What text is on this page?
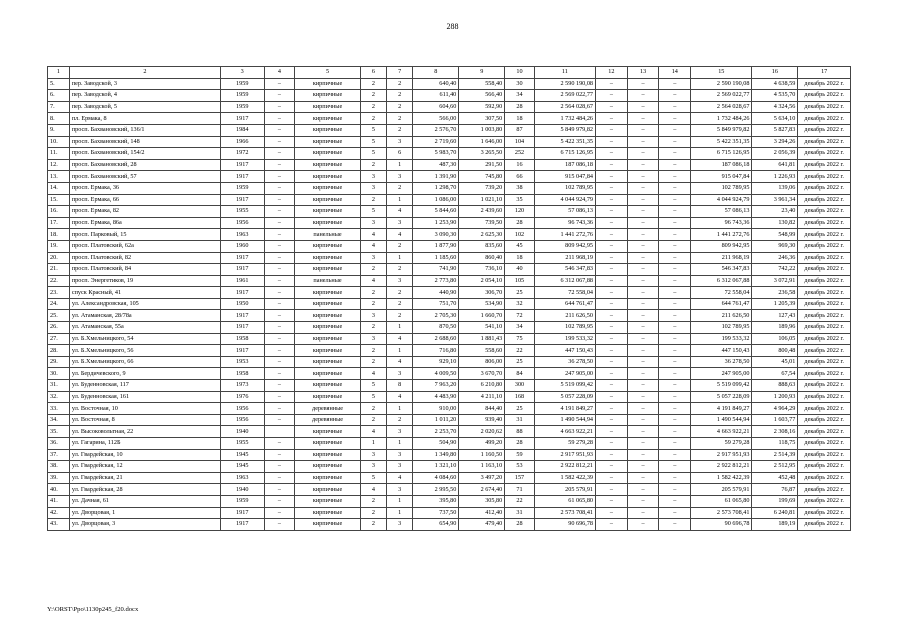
288
1	2	3	4	5	6	7	8	9	10	11	12	13	14	15	16	17
5.	пер. Заводской, 3	1959	–	кирпичные	2	2	640,40	558,40	30	2 590 190,08	–	–	–	2 590 190,08	4 638,59	декабрь 2022 г.
6.	пер. Заводской, 4	1959	–	кирпичные	2	2	611,40	566,40	34	2 569 022,77	–	–	–	2 569 022,77	4 535,70	декабрь 2022 г.
7.	пер. Заводской, 5	1959	–	кирпичные	2	2	604,60	592,90	28	2 564 028,67	–	–	–	2 564 028,67	4 324,56	декабрь 2022 г.
8.	пл. Ермака, 8	1917	–	кирпичные	2	2	566,00	307,50	18	1 732 484,26	–	–	–	1 732 484,26	5 634,10	декабрь 2022 г.
9.	просп. Бахвановский, 136/1	1984	–	кирпичные	5	2	2 576,70	1 003,80	87	5 849 979,82	–	–	–	5 849 979,82	5 827,83	декабрь 2022 г.
10.	просп. Бахвановский, 148	1966	–	кирпичные	5	3	2 719,60	1 646,00	104	5 422 351,35	–	–	–	5 422 351,35	3 294,26	декабрь 2022 г.
11.	просп. Бахвановский, 154/2	1972	–	кирпичные	5	6	5 983,70	3 265,50	252	6 715 126,95	–	–	–	6 715 126,95	2 056,39	декабрь 2022 г.
12.	просп. Бахвановский, 28	1917	–	кирпичные	2	1	487,30	291,50	16	187 086,18	–	–	–	187 086,18	641,81	декабрь 2022 г.
13.	просп. Бахвановский, 57	1917	–	кирпичные	3	3	1 391,90	745,80	66	915 047,84	–	–	–	915 047,84	1 226,93	декабрь 2022 г.
14.	просп. Ермака, 36	1959	–	кирпичные	3	2	1 298,70	739,20	38	102 789,95	–	–	–	102 789,95	139,06	декабрь 2022 г.
15.	просп. Ермака, 66	1917	–	кирпичные	2	1	1 086,00	1 021,10	35	4 044 924,79	–	–	–	4 044 924,79	3 961,34	декабрь 2022 г.
16.	просп. Ермака, 82	1955	–	кирпичные	5	4	5 844,60	2 439,60	120	57 086,13	–	–	–	57 086,13	23,40	декабрь 2022 г.
17.	просп. Ермака, 86а	1956	–	кирпичные	3	3	1 253,90	739,50	28	96 743,36	–	–	–	96 743,36	130,82	декабрь 2022 г.
18.	просп. Парковый, 15	1963	–	панельные	4	4	3 090,30	2 625,30	102	1 441 272,76	–	–	–	1 441 272,76	548,99	декабрь 2022 г.
19.	просп. Платовский, 62а	1960	–	кирпичные	4	2	1 877,90	835,60	45	809 942,95	–	–	–	809 942,95	969,30	декабрь 2022 г.
20.	просп. Платовский, 82	1917	–	кирпичные	3	1	1 185,60	860,40	18	211 968,19	–	–	–	211 968,19	246,36	декабрь 2022 г.
21.	просп. Платовский, 84	1917	–	кирпичные	2	2	741,90	736,10	40	546 347,83	–	–	–	546 347,83	742,22	декабрь 2022 г.
22.	просп. Энергетиков, 19	1961	–	панельные	4	3	2 773,80	2 054,10	105	6 312 067,88	–	–	–	6 312 067,88	3 072,91	декабрь 2022 г.
23.	спуск Красный, 41	1917	–	кирпичные	2	2	440,90	306,70	25	72 558,04	–	–	–	72 558,04	236,58	декабрь 2022 г.
24.	ул. Александровская, 105	1950	–	кирпичные	2	2	751,70	534,90	32	644 761,47	–	–	–	644 761,47	1 205,39	декабрь 2022 г.
25.	ул. Атаманская, 28/78а	1917	–	кирпичные	3	2	2 705,30	1 660,70	72	211 626,50	–	–	–	211 626,50	127,43	декабрь 2022 г.
26.	ул. Атаманская, 55а	1917	–	кирпичные	2	1	870,50	541,10	34	102 789,95	–	–	–	102 789,95	189,96	декабрь 2022 г.
27.	ул. Б.Хмельницкого, 54	1958	–	кирпичные	3	4	2 688,60	1 881,43	75	199 533,32	–	–	–	199 533,32	106,05	декабрь 2022 г.
28.	ул. Б.Хмельницкого, 56	1917	–	кирпичные	2	1	716,80	558,60	22	447 150,43	–	–	–	447 150,43	800,48	декабрь 2022 г.
29.	ул. Б.Хмельницкого, 66	1953	–	кирпичные	2	4	929,10	806,00	25	36 278,50	–	–	–	36 278,50	45,01	декабрь 2022 г.
30.	ул. Бердичевского, 9	1958	–	кирпичные	4	3	4 009,50	3 670,70	84	247 905,00	–	–	–	247 905,00	67,54	декабрь 2022 г.
31.	ул. Буденновская, 117	1973	–	кирпичные	5	8	7 963,20	6 210,80	300	5 519 099,42	–	–	–	5 519 099,42	888,63	декабрь 2022 г.
32.	ул. Буденновская, 161	1976	–	кирпичные	5	4	4 483,90	4 211,10	168	5 057 228,09	–	–	–	5 057 228,09	1 200,93	декабрь 2022 г.
33.	ул. Восточная, 10	1956	–	деревянные	2	1	910,00	844,40	25	4 191 849,27	–	–	–	4 191 849,27	4 964,29	декабрь 2022 г.
34.	ул. Восточная, 8	1956	–	деревянные	2	2	1 011,20	939,40	31	1 490 544,94	–	–	–	1 490 544,94	1 603,77	декабрь 2022 г.
35.	ул. Высоковольтная, 22	1940		кирпичные	4	3	2 253,70	2 020,62	88	4 663 922,21	–	–	–	4 663 922,21	2 308,16	декабрь 2022 г.
36.	ул. Гагарина, 112Б	1955	–	кирпичные	1	1	504,90	499,20	28	59 279,28	–	–	–	59 279,28	118,75	декабрь 2022 г.
37.	ул. Гвардейская, 10	1945	–	кирпичные	3	3	1 349,80	1 160,50	59	2 917 951,93	–	–	–	2 917 951,93	2 514,39	декабрь 2022 г.
38.	ул. Гвардейская, 12	1945	–	кирпичные	3	3	1 321,10	1 163,10	53	2 922 812,21	–	–	–	2 922 812,21	2 512,95	декабрь 2022 г.
39.	ул. Гвардейская, 21	1963	–	кирпичные	5	4	4 084,60	3 497,20	157	1 582 422,39	–	–	–	1 582 422,39	452,48	декабрь 2022 г.
40.	ул. Гвардейская, 28	1940	–	кирпичные	4	3	2 995,50	2 674,40	71	205 579,91	–	–	–	205 579,91	76,87	декабрь 2022 г.
41.	ул. Дачная, 61	1959	–	кирпичные	2	1	395,80	305,80	22	61 065,80	–	–	–	61 065,80	199,69	декабрь 2022 г.
42.	ул. Дворцовая, 1	1917	–	кирпичные	2	1	737,50	412,40	31	2 573 708,41	–	–	–	2 573 708,41	6 240,81	декабрь 2022 г.
43.	ул. Дворцовая, 3	1917	–	кирпичные	2	3	654,90	479,40	28	90 696,78	–	–	–	90 696,78	189,19	декабрь 2022 г.
Y:\ORST\Ppo\1130p245_f20.docx
